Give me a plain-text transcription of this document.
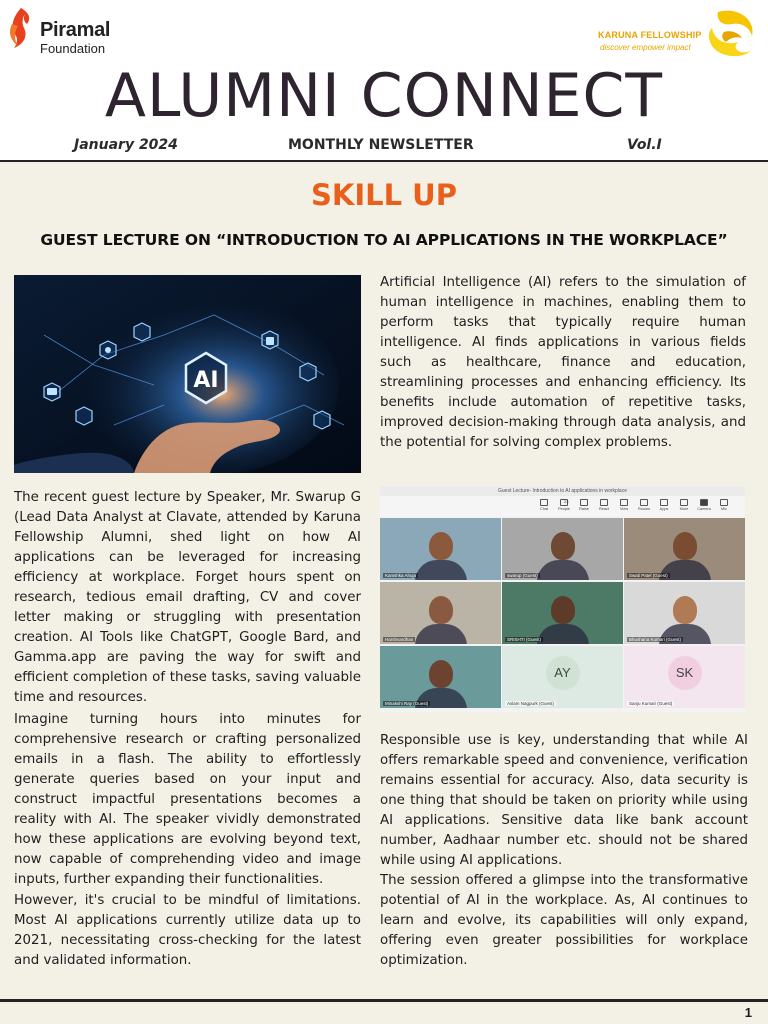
Piramal
Foundation
KARUNA FELLOWSHIP
discover empower impact
ALUMNI CONNECT
January 2024	MONTHLY NEWSLETTER	Vol.I
SKILL UP
GUEST LECTURE ON “INTRODUCTION TO AI APPLICATIONS IN THE WORKPLACE”
AI
Guest Lecture- Introduction to AI applications in workplace
Chat	People	Raise	React	View	Rooms	Apps	More	Camera	Mic
23
Kanishka Ahuja	swarup (Guest)	Swati Patel (Guest)
Harshvardhan	SRISHTI (Guest)	Bhushana Kumari (Guest)
Minakshi Ray (Guest)
AY
Aslam Nagpurk (Guest)
SK
Sanju Kumari (Guest)

Artificial Intelligence (AI) refers to the simulation of human intelligence in machines, enabling them to perform tasks that typically require human intelligence. AI finds applications in various fields such as healthcare, finance and education, streamlining processes and enhancing efficiency. Its benefits include automation of repetitive tasks, improved decision-making through data analysis, and the potential for solving complex problems.

The recent guest lecture by Speaker, Mr. Swarup G (Lead Data Analyst at Clavate, attended by Karuna Fellowship Alumni, shed light on how AI applications can be leveraged for increasing efficiency at workplace. Forget hours spent on research, tedious email drafting, CV and cover letter making or struggling with presentation creation. AI Tools like ChatGPT, Google Bard, and Gamma.app are paving the way for swift and efficient completion of these tasks, saving valuable time and resources.

Imagine turning hours into minutes for comprehensive research or crafting personalized emails in a flash. The ability to effortlessly generate queries based on your input and construct impactful presentations becomes a reality with AI. The speaker vividly demonstrated how these applications are evolving beyond text, now capable of comprehending video and image inputs, further expanding their functionalities.

However, it's crucial to be mindful of limitations. Most AI applications currently utilize data up to 2021, necessitating cross-checking for the latest and validated information.

Responsible use is key, understanding that while AI offers remarkable speed and convenience, verification remains essential for accuracy. Also, data security is one thing that should be taken on priority while using AI applications. Sensitive data like bank account number, Aadhaar number etc. should not be shared while using AI applications.

The session offered a glimpse into the transformative potential of AI in the workplace. As, AI continues to learn and evolve, its capabilities will only expand, offering even greater possibilities for workplace optimization.

1
